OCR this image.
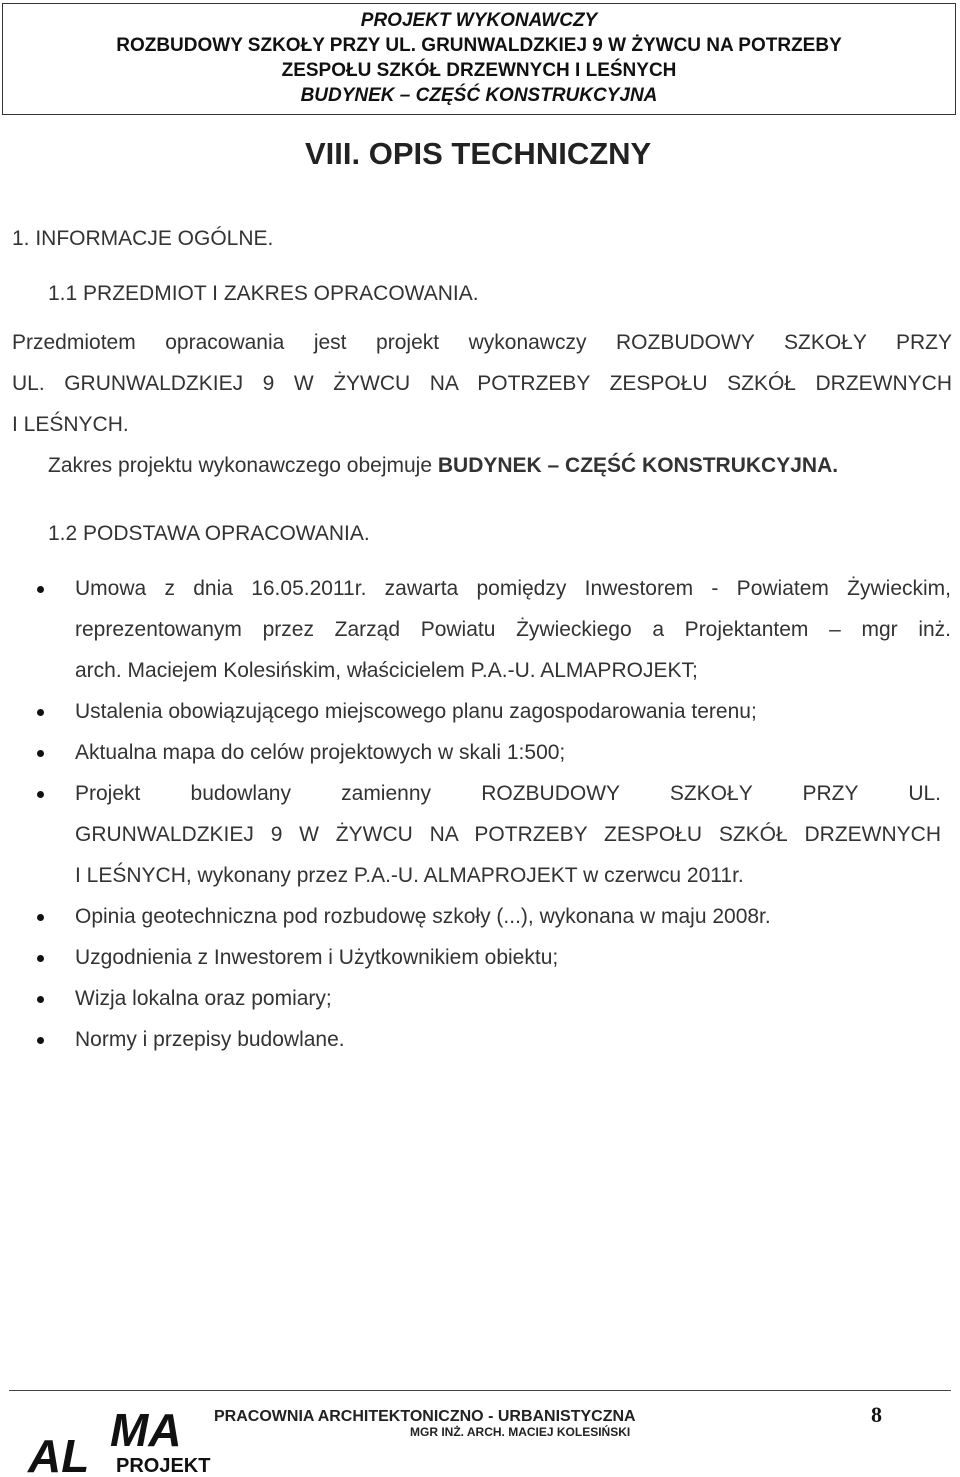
PROJEKT WYKONAWCZY
ROZBUDOWY SZKOŁY PRZY UL. GRUNWALDZKIEJ 9 W ŻYWCU NA POTRZEBY
ZESPOŁU SZKÓŁ DRZEWNYCH I LEŚNYCH
BUDYNEK – CZĘŚĆ KONSTRUKCYJNA
VIII. OPIS TECHNICZNY
1. INFORMACJE OGÓLNE.
1.1 PRZEDMIOT I ZAKRES OPRACOWANIA.
Przedmiotem opracowania jest projekt wykonawczy ROZBUDOWY SZKOŁY PRZY
UL. GRUNWALDZKIEJ 9 W ŻYWCU NA POTRZEBY ZESPOŁU SZKÓŁ DRZEWNYCH
I LEŚNYCH.
Zakres projektu wykonawczego obejmuje BUDYNEK – CZĘŚĆ KONSTRUKCYJNA.
1.2 PODSTAWA OPRACOWANIA.
Umowa z dnia 16.05.2011r. zawarta pomiędzy Inwestorem - Powiatem Żywieckim,
reprezentowanym przez Zarząd Powiatu Żywieckiego a Projektantem – mgr inż.
arch. Maciejem Kolesińskim, właścicielem P.A.-U. ALMAPROJEKT;
Ustalenia obowiązującego miejscowego planu zagospodarowania terenu;
Aktualna mapa do celów projektowych w skali 1:500;
Projekt budowlany zamienny ROZBUDOWY SZKOŁY PRZY UL.
GRUNWALDZKIEJ 9 W ŻYWCU NA POTRZEBY ZESPOŁU SZKÓŁ DRZEWNYCH
I LEŚNYCH, wykonany przez P.A.-U. ALMAPROJEKT w czerwcu 2011r.
Opinia geotechniczna pod rozbudowę szkoły (...), wykonana w maju 2008r.
Uzgodnienia z Inwestorem i Użytkownikiem obiektu;
Wizja lokalna oraz pomiary;
Normy i przepisy budowlane.
AL MA
PROJEKT
PRACOWNIA ARCHITEKTONICZNO - URBANISTYCZNA
MGR INŻ. ARCH. MACIEJ KOLESIŃSKI
8
